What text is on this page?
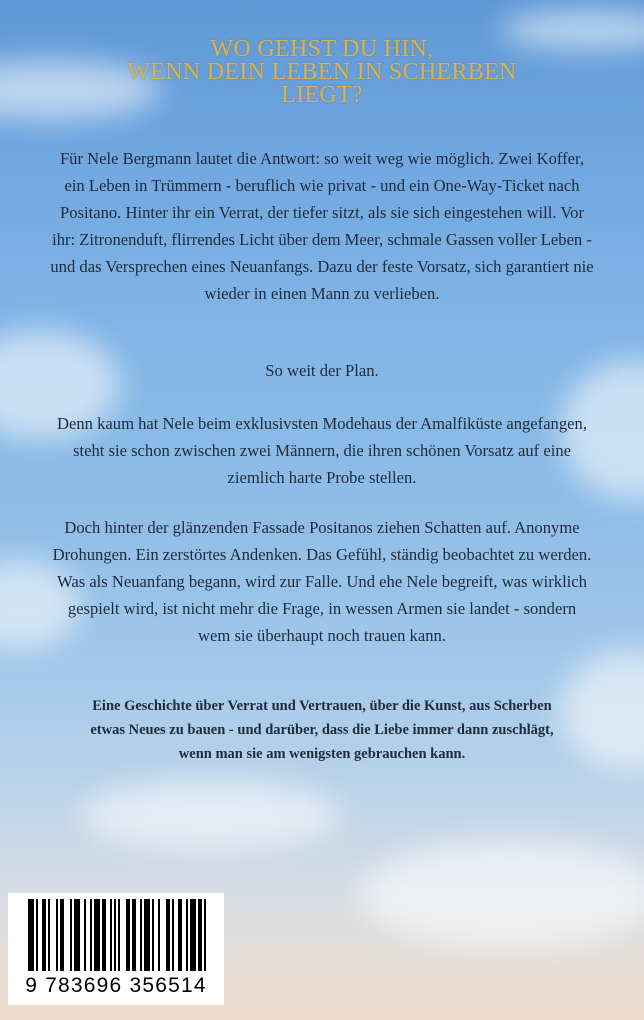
WO GEHST DU HIN,
WENN DEIN LEBEN IN SCHERBEN
LIEGT?

Für Nele Bergmann lautet die Antwort: so weit weg wie möglich. Zwei Koffer, ein Leben in Trümmern - beruflich wie privat - und ein One-Way-Ticket nach Positano. Hinter ihr ein Verrat, der tiefer sitzt, als sie sich eingestehen will. Vor ihr: Zitronenduft, flirrendes Licht über dem Meer, schmale Gassen voller Leben - und das Versprechen eines Neuanfangs. Dazu der feste Vorsatz, sich garantiert nie wieder in einen Mann zu verlieben.

So weit der Plan.

Denn kaum hat Nele beim exklusivsten Modehaus der Amalfiküste angefangen, steht sie schon zwischen zwei Männern, die ihren schönen Vorsatz auf eine ziemlich harte Probe stellen.

Doch hinter der glänzenden Fassade Positanos ziehen Schatten auf. Anonyme Drohungen. Ein zerstörtes Andenken. Das Gefühl, ständig beobachtet zu werden. Was als Neuanfang begann, wird zur Falle. Und ehe Nele begreift, was wirklich gespielt wird, ist nicht mehr die Frage, in wessen Armen sie landet - sondern wem sie überhaupt noch trauen kann.

Eine Geschichte über Verrat und Vertrauen, über die Kunst, aus Scherben etwas Neues zu bauen - und darüber, dass die Liebe immer dann zuschlägt, wenn man sie am wenigsten gebrauchen kann.

9 783696 356514
